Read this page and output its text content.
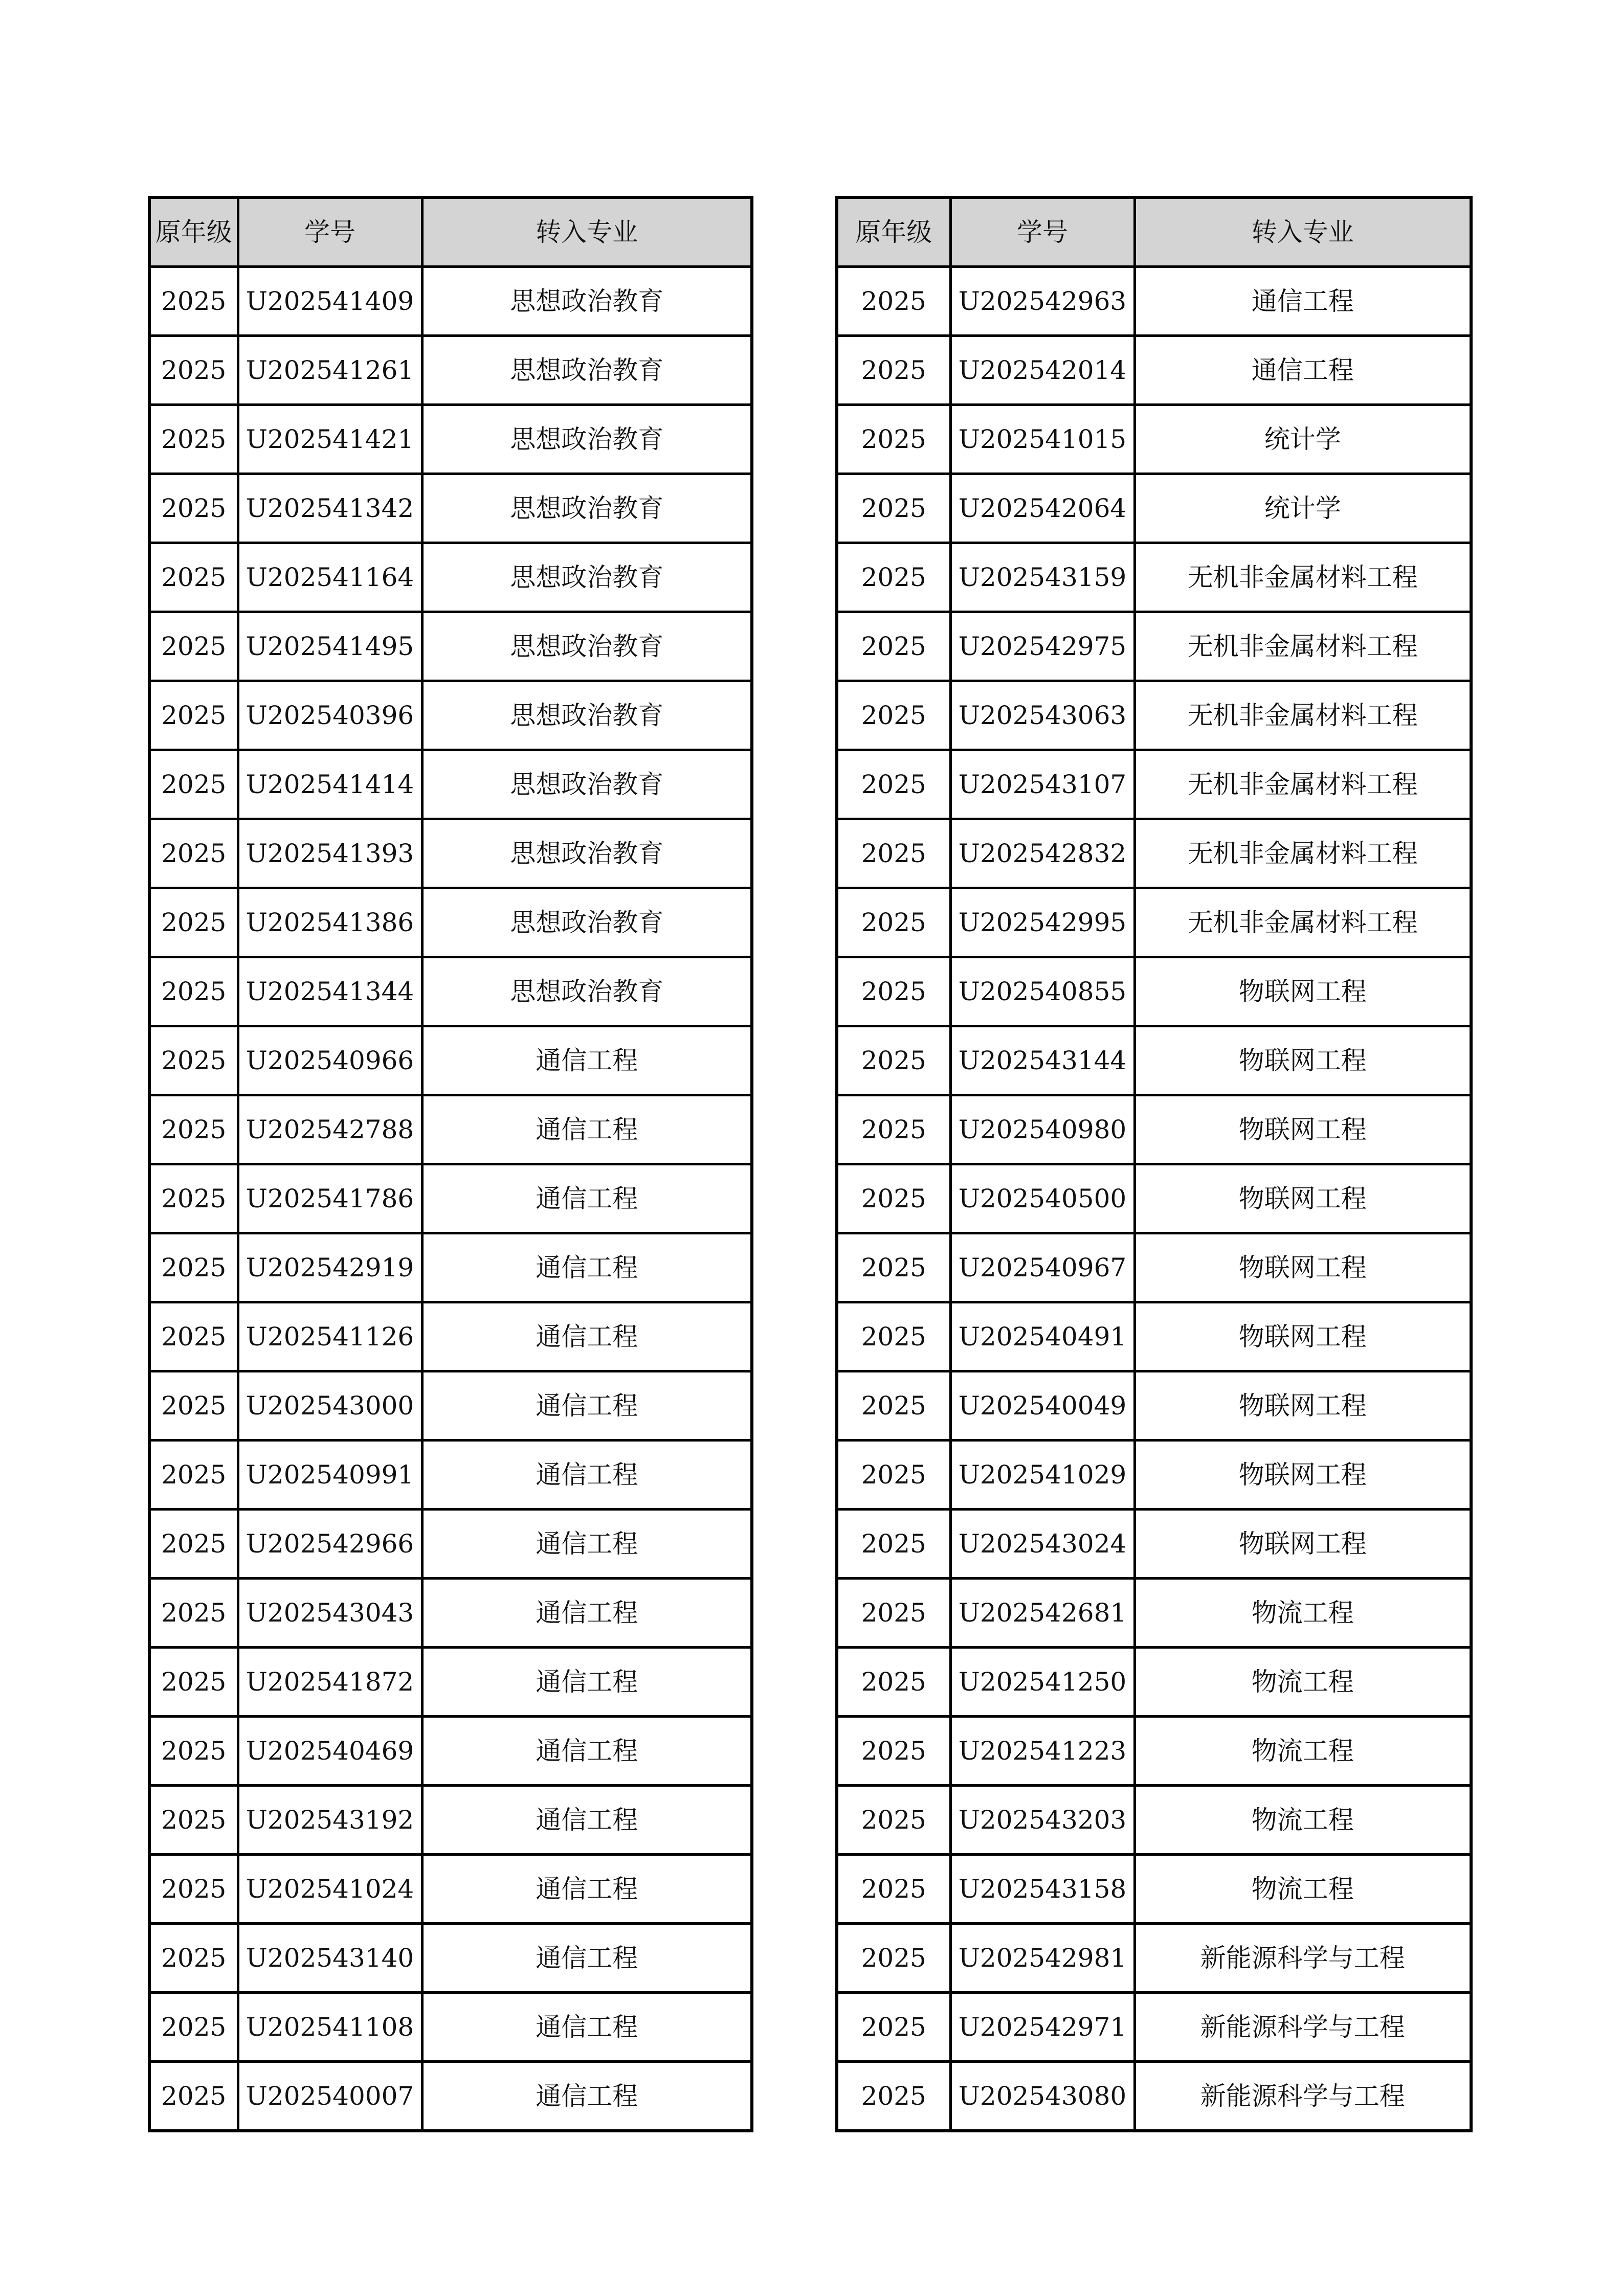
原年级	学号	转入专业
2025	U202541409	思想政治教育
2025	U202541261	思想政治教育
2025	U202541421	思想政治教育
2025	U202541342	思想政治教育
2025	U202541164	思想政治教育
2025	U202541495	思想政治教育
2025	U202540396	思想政治教育
2025	U202541414	思想政治教育
2025	U202541393	思想政治教育
2025	U202541386	思想政治教育
2025	U202541344	思想政治教育
2025	U202540966	通信工程
2025	U202542788	通信工程
2025	U202541786	通信工程
2025	U202542919	通信工程
2025	U202541126	通信工程
2025	U202543000	通信工程
2025	U202540991	通信工程
2025	U202542966	通信工程
2025	U202543043	通信工程
2025	U202541872	通信工程
2025	U202540469	通信工程
2025	U202543192	通信工程
2025	U202541024	通信工程
2025	U202543140	通信工程
2025	U202541108	通信工程
2025	U202540007	通信工程
原年级	学号	转入专业
2025	U202542963	通信工程
2025	U202542014	通信工程
2025	U202541015	统计学
2025	U202542064	统计学
2025	U202543159	无机非金属材料工程
2025	U202542975	无机非金属材料工程
2025	U202543063	无机非金属材料工程
2025	U202543107	无机非金属材料工程
2025	U202542832	无机非金属材料工程
2025	U202542995	无机非金属材料工程
2025	U202540855	物联网工程
2025	U202543144	物联网工程
2025	U202540980	物联网工程
2025	U202540500	物联网工程
2025	U202540967	物联网工程
2025	U202540491	物联网工程
2025	U202540049	物联网工程
2025	U202541029	物联网工程
2025	U202543024	物联网工程
2025	U202542681	物流工程
2025	U202541250	物流工程
2025	U202541223	物流工程
2025	U202543203	物流工程
2025	U202543158	物流工程
2025	U202542981	新能源科学与工程
2025	U202542971	新能源科学与工程
2025	U202543080	新能源科学与工程
